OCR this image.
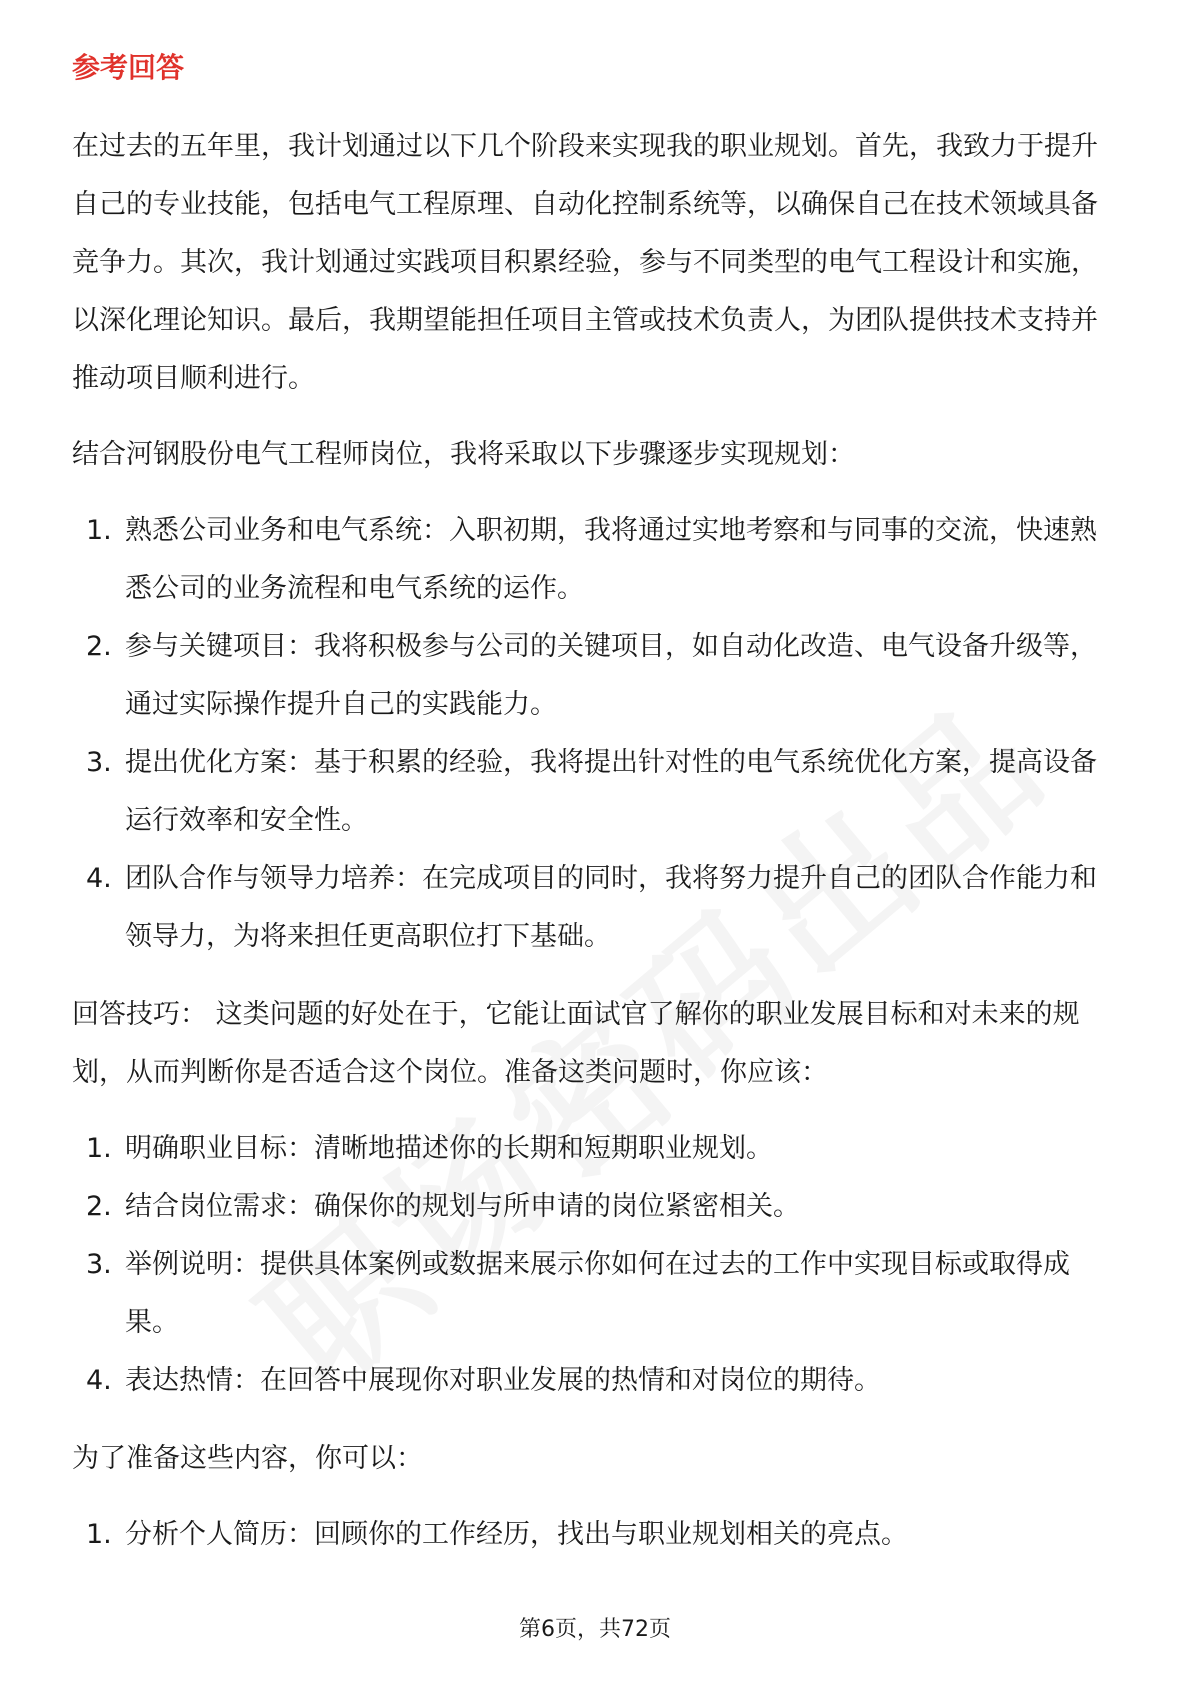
参考回答

在过去的五年里，我计划通过以下几个阶段来实现我的职业规划。首先，我致力于提升自己的专业技能，包括电气工程原理、自动化控制系统等，以确保自己在技术领域具备竞争力。其次，我计划通过实践项目积累经验，参与不同类型的电气工程设计和实施，以深化理论知识。最后，我期望能担任项目主管或技术负责人，为团队提供技术支持并推动项目顺利进行。

结合河钢股份电气工程师岗位，我将采取以下步骤逐步实现规划：

1. 熟悉公司业务和电气系统：入职初期，我将通过实地考察和与同事的交流，快速熟悉公司的业务流程和电气系统的运作。
2. 参与关键项目：我将积极参与公司的关键项目，如自动化改造、电气设备升级等，通过实际操作提升自己的实践能力。
3. 提出优化方案：基于积累的经验，我将提出针对性的电气系统优化方案，提高设备运行效率和安全性。
4. 团队合作与领导力培养：在完成项目的同时，我将努力提升自己的团队合作能力和领导力，为将来担任更高职位打下基础。

回答技巧： 这类问题的好处在于，它能让面试官了解你的职业发展目标和对未来的规划，从而判断你是否适合这个岗位。准备这类问题时，你应该：

1. 明确职业目标：清晰地描述你的长期和短期职业规划。
2. 结合岗位需求：确保你的规划与所申请的岗位紧密相关。
3. 举例说明：提供具体案例或数据来展示你如何在过去的工作中实现目标或取得成果。
4. 表达热情：在回答中展现你对职业发展的热情和对岗位的期待。

为了准备这些内容，你可以：

1. 分析个人简历：回顾你的工作经历，找出与职业规划相关的亮点。
第6页，共72页
